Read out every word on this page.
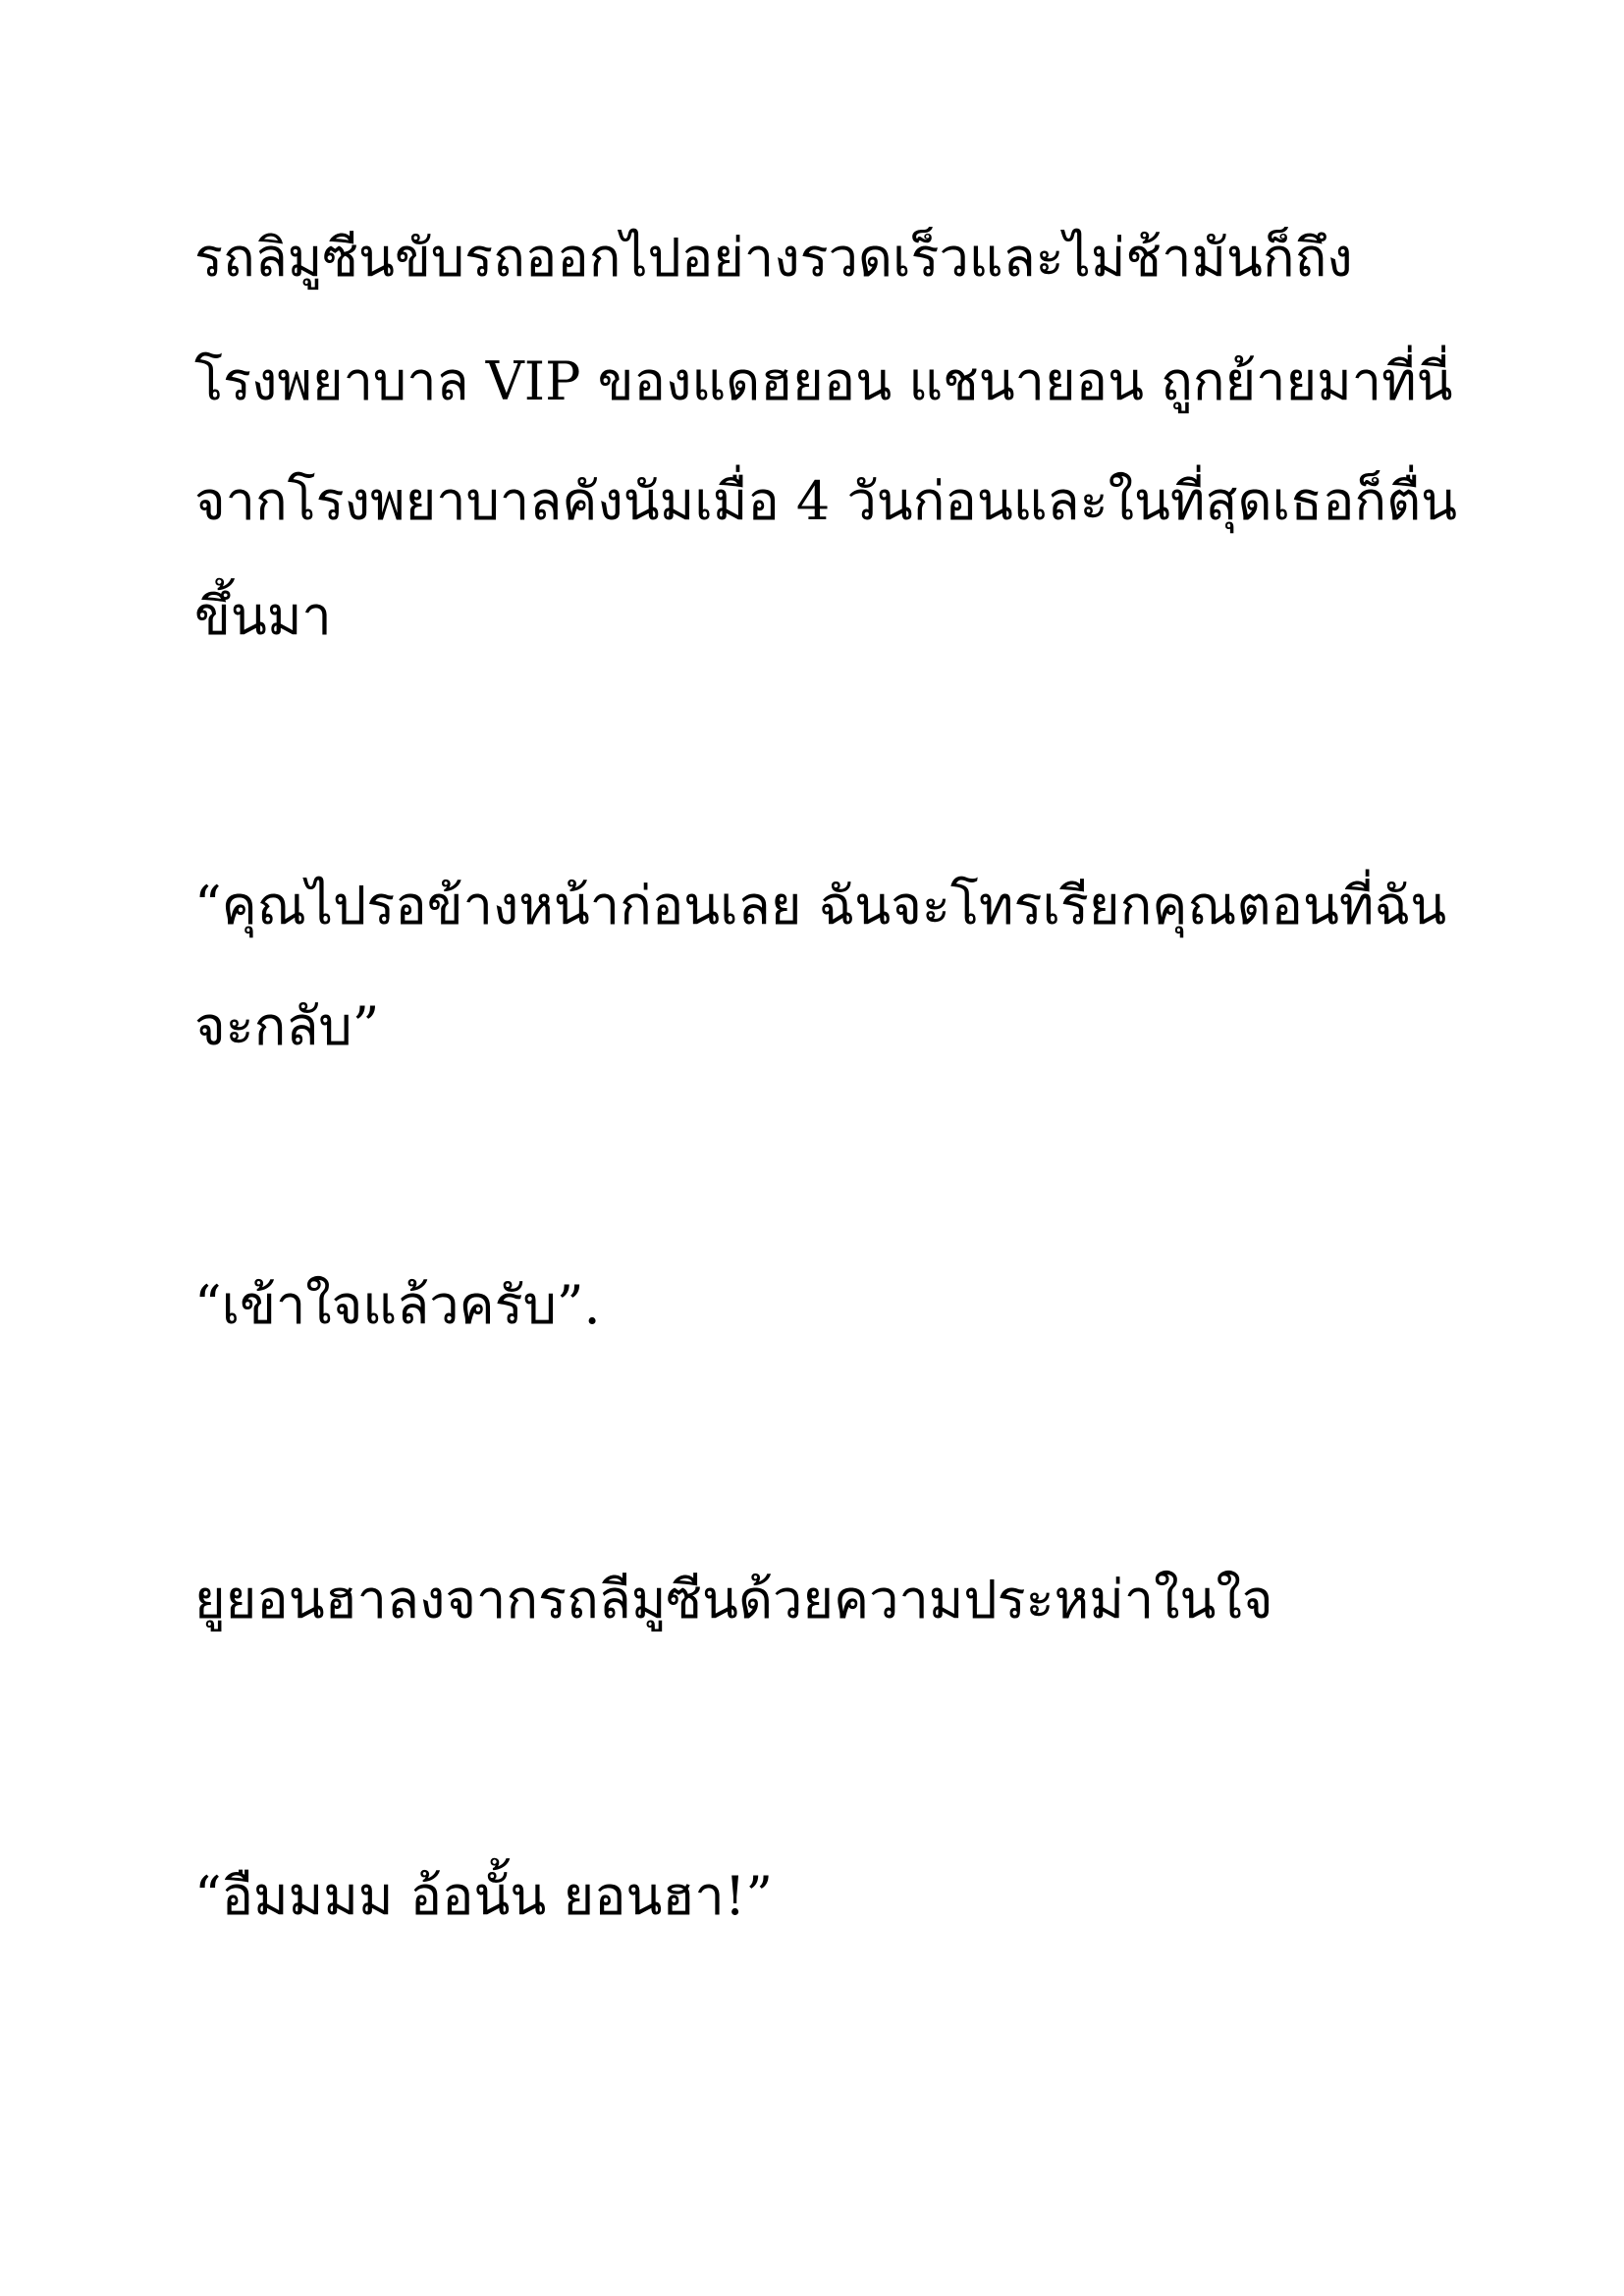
รถลิมูซีนขับรถออกไปอย่างรวดเร็วและไม่ช้ามันก็ถึง

โรงพยาบาล VIP ของแดฮยอน แชนายอน ถูกย้ายมาที่นี่

จากโรงพยาบาลคังนัมเมื่อ 4 วันก่อนและในที่สุดเธอก็ตื่น

ขึ้นมา

“คุณไปรอข้างหน้าก่อนเลย ฉันจะโทรเรียกคุณตอนที่ฉัน

จะกลับ”

“เข้าใจแล้วครับ”.

ยูยอนฮาลงจากรถลีมูซีนด้วยความประหม่าในใจ

“อืมมมม อ้อนั้น ยอนฮา!”
